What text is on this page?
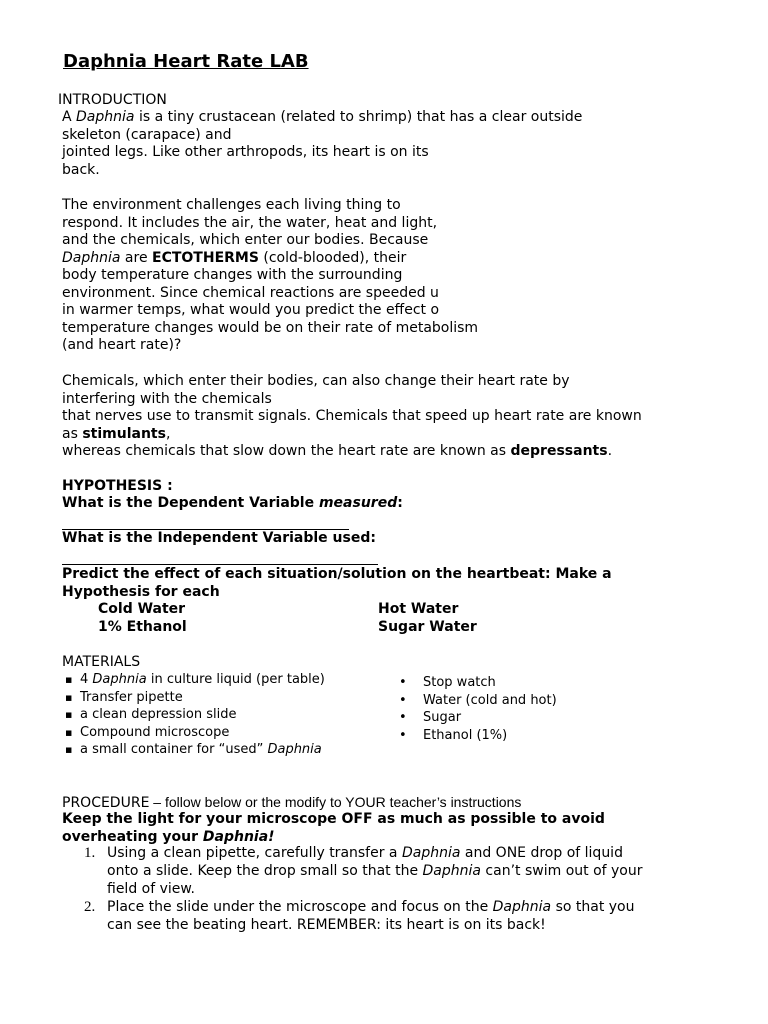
Daphnia Heart Rate LAB
INTRODUCTION
A Daphnia is a tiny crustacean (related to shrimp) that has a clear outside
skeleton (carapace) and
jointed legs. Like other arthropods, its heart is on its
back.
The environment challenges each living thing to
respond. It includes the air, the water, heat and light,
and the chemicals, which enter our bodies. Because
Daphnia are ECTOTHERMS (cold-blooded), their
body temperature changes with the surrounding
environment. Since chemical reactions are speeded u
in warmer temps, what would you predict the effect o
temperature changes would be on their rate of metabolism
(and heart rate)?
Chemicals, which enter their bodies, can also change their heart rate by
interfering with the chemicals
that nerves use to transmit signals. Chemicals that speed up heart rate are known
as stimulants,
whereas chemicals that slow down the heart rate are known as depressants.
HYPOTHESIS :
What is the Dependent Variable measured:
What is the Independent Variable used:
Predict the effect of each situation/solution on the heartbeat: Make a
Hypothesis for each
Cold Water	Hot Water
1% Ethanol	Sugar Water
MATERIALS
▪ 4 Daphnia in culture liquid (per table)
▪ Transfer pipette
▪ a clean depression slide
▪ Compound microscope
▪ a small container for “used” Daphnia
• Stop watch
• Water (cold and hot)
• Sugar
• Ethanol (1%)
PROCEDURE – follow below or the modify to YOUR teacher’s instructions
Keep the light for your microscope OFF as much as possible to avoid
overheating your Daphnia!
1. Using a clean pipette, carefully transfer a Daphnia and ONE drop of liquid
onto a slide. Keep the drop small so that the Daphnia can’t swim out of your
field of view.
2. Place the slide under the microscope and focus on the Daphnia so that you
can see the beating heart. REMEMBER: its heart is on its back!
